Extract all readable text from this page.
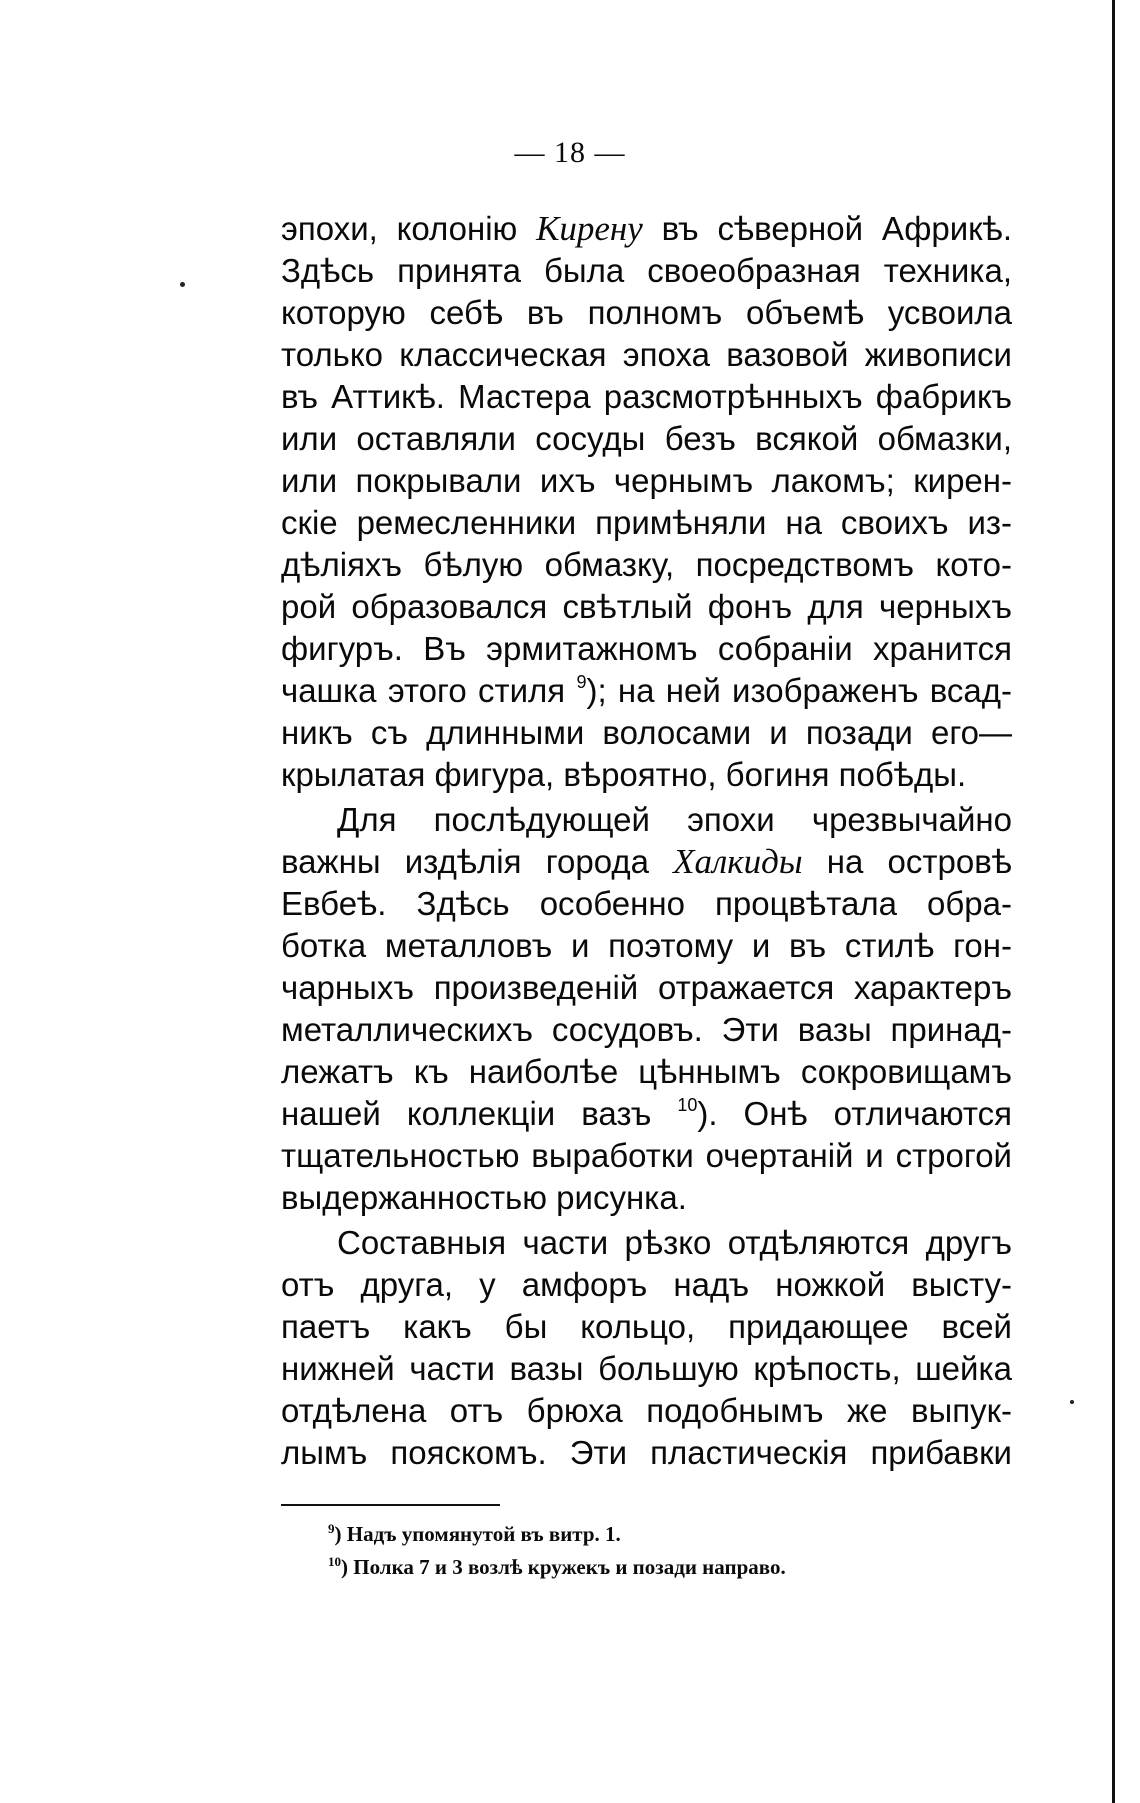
— 18 —
эпохи, колонію Кирену въ сѣверной Африкѣ.
Здѣсь принята была своеобразная техника,
которую себѣ въ полномъ объемѣ усвоила
только классическая эпоха вазовой живописи
въ Аттикѣ. Мастера разсмотрѣнныхъ фабрикъ
или оставляли сосуды безъ всякой обмазки,
или покрывали ихъ чернымъ лакомъ; кирен-
скіе ремесленники примѣняли на своихъ из-
дѣліяхъ бѣлую обмазку, посредствомъ кото-
рой образовался свѣтлый фонъ для черныхъ
фигуръ. Въ эрмитажномъ собраніи хранится
чашка этого стиля $^9$); на ней изображенъ всад-
никъ съ длинными волосами и позади его—
крылатая фигура, вѣроятно, богиня побѣды.
Для послѣдующей эпохи чрезвычайно
важны издѣлія города Халкиды на островѣ
Евбеѣ. Здѣсь особенно процвѣтала обра-
ботка металловъ и поэтому и въ стилѣ гон-
чарныхъ произведеній отражается характеръ
металлическихъ сосудовъ. Эти вазы принад-
лежатъ къ наиболѣе цѣннымъ сокровищамъ
нашей коллекціи вазъ $^{10}$). Онѣ отличаются
тщательностью выработки очертаній и строгой
выдержанностью рисунка.
Составныя части рѣзко отдѣляются другъ
отъ друга, у амфоръ надъ ножкой высту-
паетъ какъ бы кольцо, придающее всей
нижней части вазы большую крѣпость, шейка
отдѣлена отъ брюха подобнымъ же выпук-
лымъ пояскомъ. Эти пластическія прибавки
$^9$) Надъ упомянутой въ витр. 1.
$^{10}$) Полка 7 и 3 возлѣ кружекъ и позади направо.
